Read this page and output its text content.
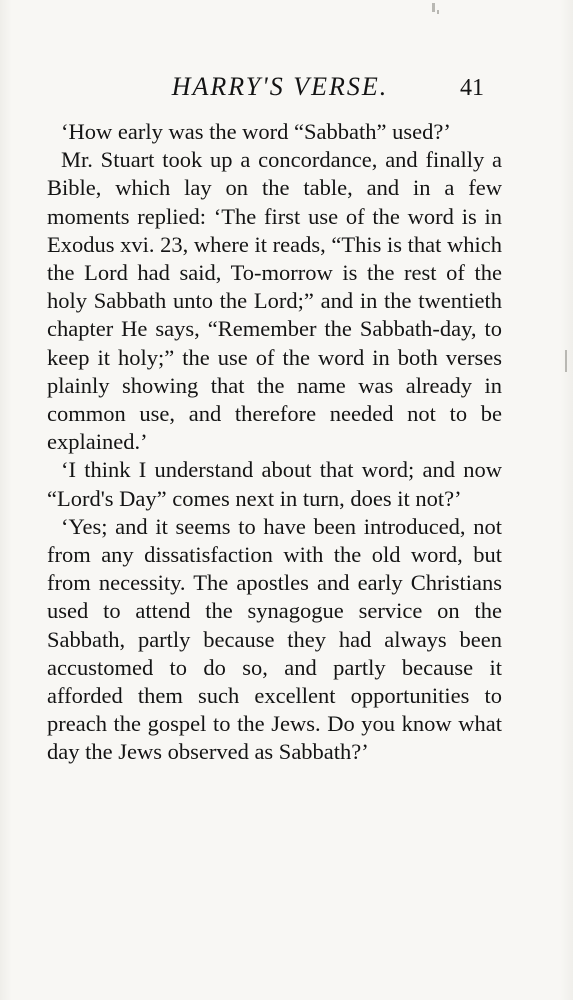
HARRY'S VERSE.	41

‘How early was the word “Sabbath” used?’

Mr. Stuart took up a concordance, and finally a Bible, which lay on the table, and in a few moments replied: ‘The first use of the word is in Exodus xvi. 23, where it reads, “This is that which the Lord had said, To-morrow is the rest of the holy Sabbath unto the Lord;” and in the twentieth chapter He says, “Remember the Sabbath-day, to keep it holy;” the use of the word in both verses plainly showing that the name was already in common use, and therefore needed not to be explained.’

‘I think I understand about that word; and now “Lord's Day” comes next in turn, does it not?’

‘Yes; and it seems to have been introduced, not from any dissatisfaction with the old word, but from necessity. The apostles and early Christians used to attend the synagogue service on the Sabbath, partly because they had always been accustomed to do so, and partly because it afforded them such excellent opportunities to preach the gospel to the Jews. Do you know what day the Jews observed as Sabbath?’
